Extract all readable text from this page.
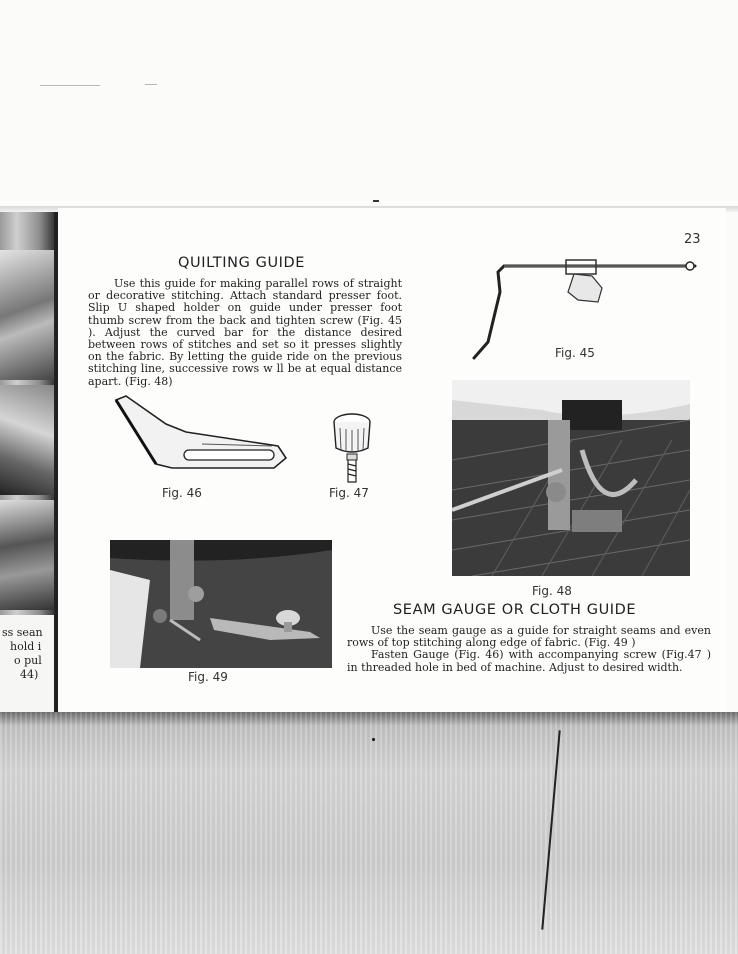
ss sean
hold i
o pul
44)
23
QUILTING GUIDE

Use this guide for making parallel rows of straight or decorative stitching. Attach standard presser foot. Slip U shaped holder on guide under presser foot thumb screw from the back and tighten screw (Fig. 45 ). Adjust the curved bar for the distance desired between rows of stitches and set so it presses slightly on the fabric. By letting the guide ride on the previous stitching line, successive rows w ll be at equal distance apart. (Fig. 48)

Fig. 45
Fig. 46	Fig. 47
Fig. 48
SEAM GAUGE OR CLOTH GUIDE

Use the seam gauge as a guide for straight seams and even rows of top stitching along edge of fabric. (Fig. 49 )

Fasten Gauge (Fig. 46) with accompanying screw (Fig.47 ) in threaded hole in bed of machine. Adjust to desired width.

Fig. 49
